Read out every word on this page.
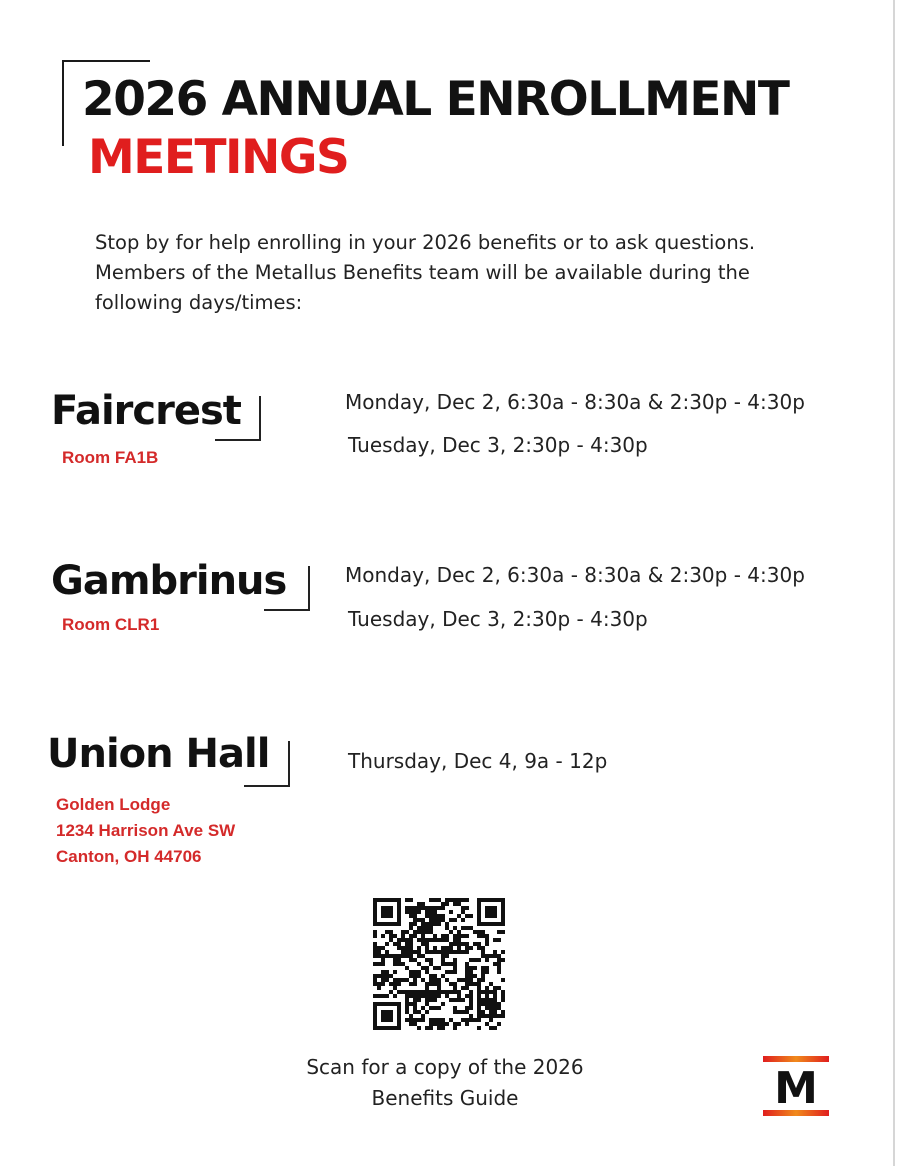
2026 ANNUAL ENROLLMENT
MEETINGS

Stop by for help enrolling in your 2026 benefits or to ask questions. Members of the Metallus Benefits team will be available during the following days/times:

Faircrest
Room FA1B
Monday, Dec 2, 6:30a - 8:30a & 2:30p - 4:30p
Tuesday, Dec 3, 2:30p - 4:30p
Gambrinus
Room CLR1
Monday, Dec 2, 6:30a - 8:30a & 2:30p - 4:30p
Tuesday, Dec 3, 2:30p - 4:30p
Union Hall
Golden Lodge
1234 Harrison Ave SW
Canton, OH 44706
Thursday, Dec 4, 9a - 12p
Scan for a copy of the 2026
Benefits Guide	M
